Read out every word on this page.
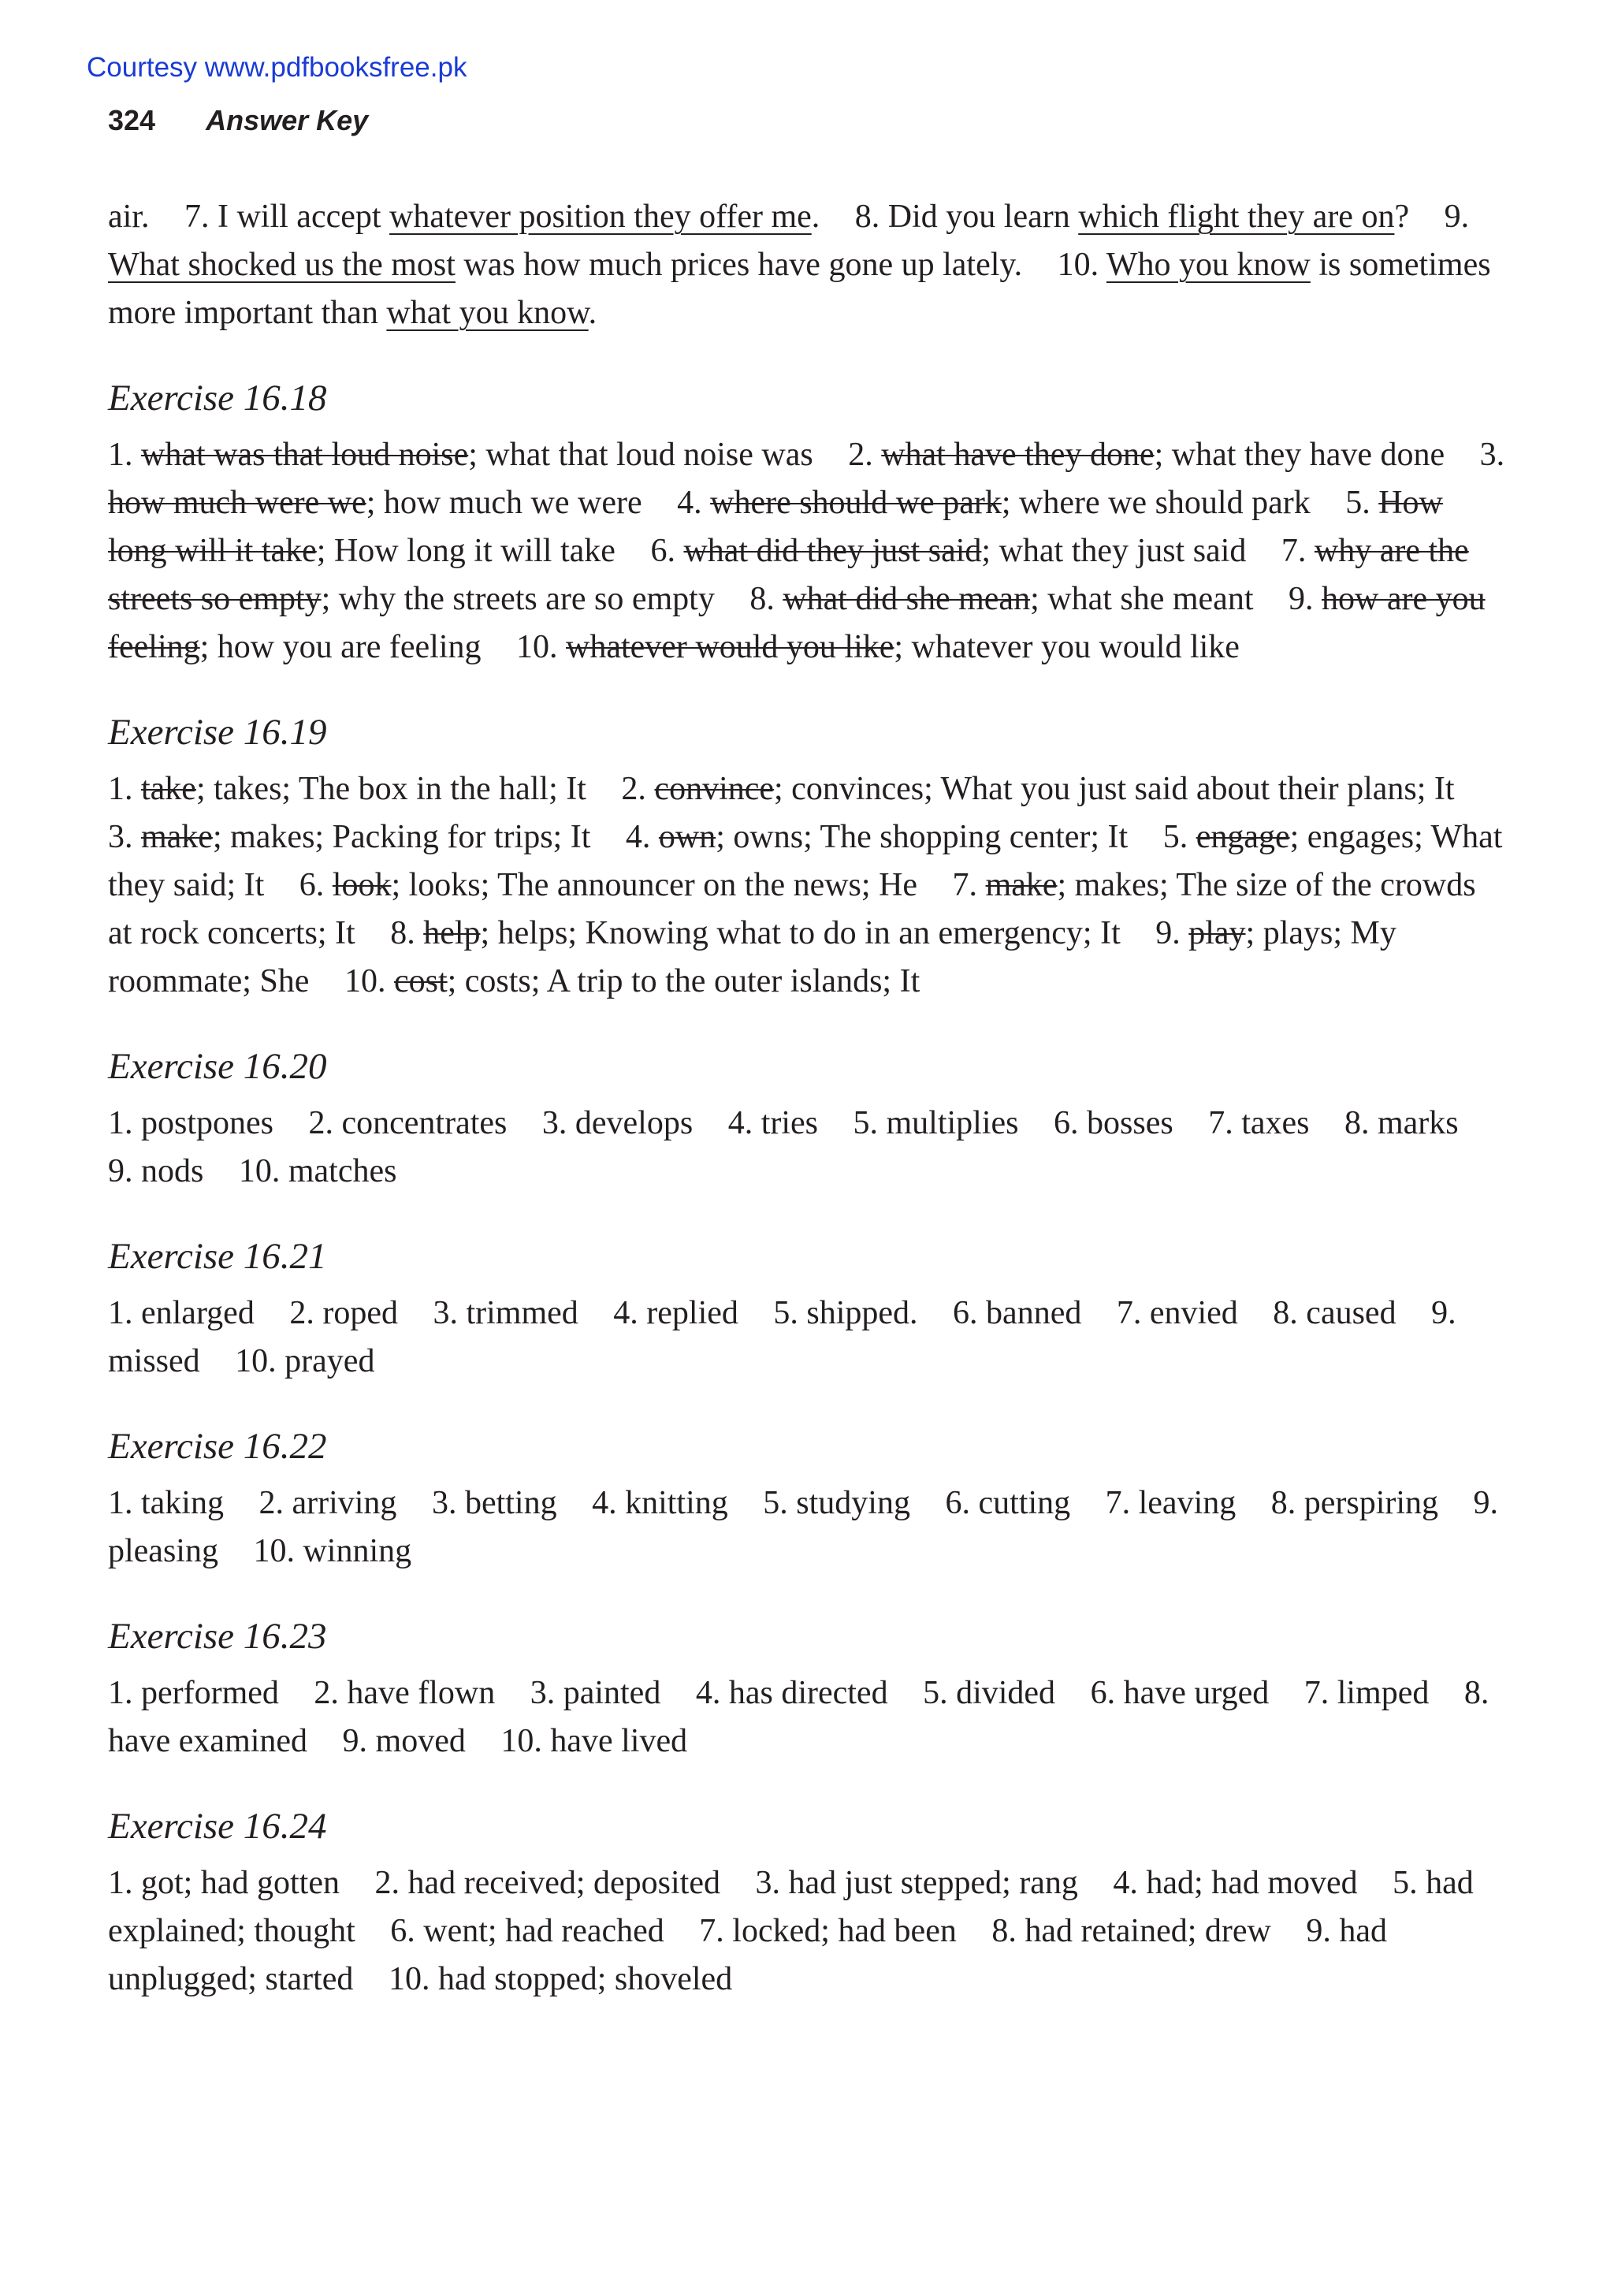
Courtesy www.pdfbooksfree.pk
324 Answer Key

air. 7. I will accept whatever position they offer me. 8. Did you learn which flight they are on? 9. What shocked us the most was how much prices have gone up lately. 10. Who you know is sometimes more important than what you know.

Exercise 16.18

1. what was that loud noise; what that loud noise was 2. what have they done; what they have done 3. how much were we; how much we were 4. where should we park; where we should park 5. How long will it take; How long it will take 6. what did they just said; what they just said 7. why are the streets so empty; why the streets are so empty 8. what did she mean; what she meant 9. how are you feeling; how you are feeling 10. whatever would you like; whatever you would like

Exercise 16.19

1. take; takes; The box in the hall; It 2. convince; convinces; What you just said about their plans; It 3. make; makes; Packing for trips; It 4. own; owns; The shopping center; It 5. engage; engages; What they said; It 6. look; looks; The announcer on the news; He 7. make; makes; The size of the crowds at rock concerts; It 8. help; helps; Knowing what to do in an emergency; It 9. play; plays; My roommate; She 10. cost; costs; A trip to the outer islands; It

Exercise 16.20

1. postpones 2. concentrates 3. develops 4. tries 5. multiplies 6. bosses 7. taxes 8. marks 9. nods 10. matches

Exercise 16.21

1. enlarged 2. roped 3. trimmed 4. replied 5. shipped. 6. banned 7. envied 8. caused 9. missed 10. prayed

Exercise 16.22

1. taking 2. arriving 3. betting 4. knitting 5. studying 6. cutting 7. leaving 8. perspiring 9. pleasing 10. winning

Exercise 16.23

1. performed 2. have flown 3. painted 4. has directed 5. divided 6. have urged 7. limped 8. have examined 9. moved 10. have lived

Exercise 16.24

1. got; had gotten 2. had received; deposited 3. had just stepped; rang 4. had; had moved 5. had explained; thought 6. went; had reached 7. locked; had been 8. had retained; drew 9. had unplugged; started 10. had stopped; shoveled
